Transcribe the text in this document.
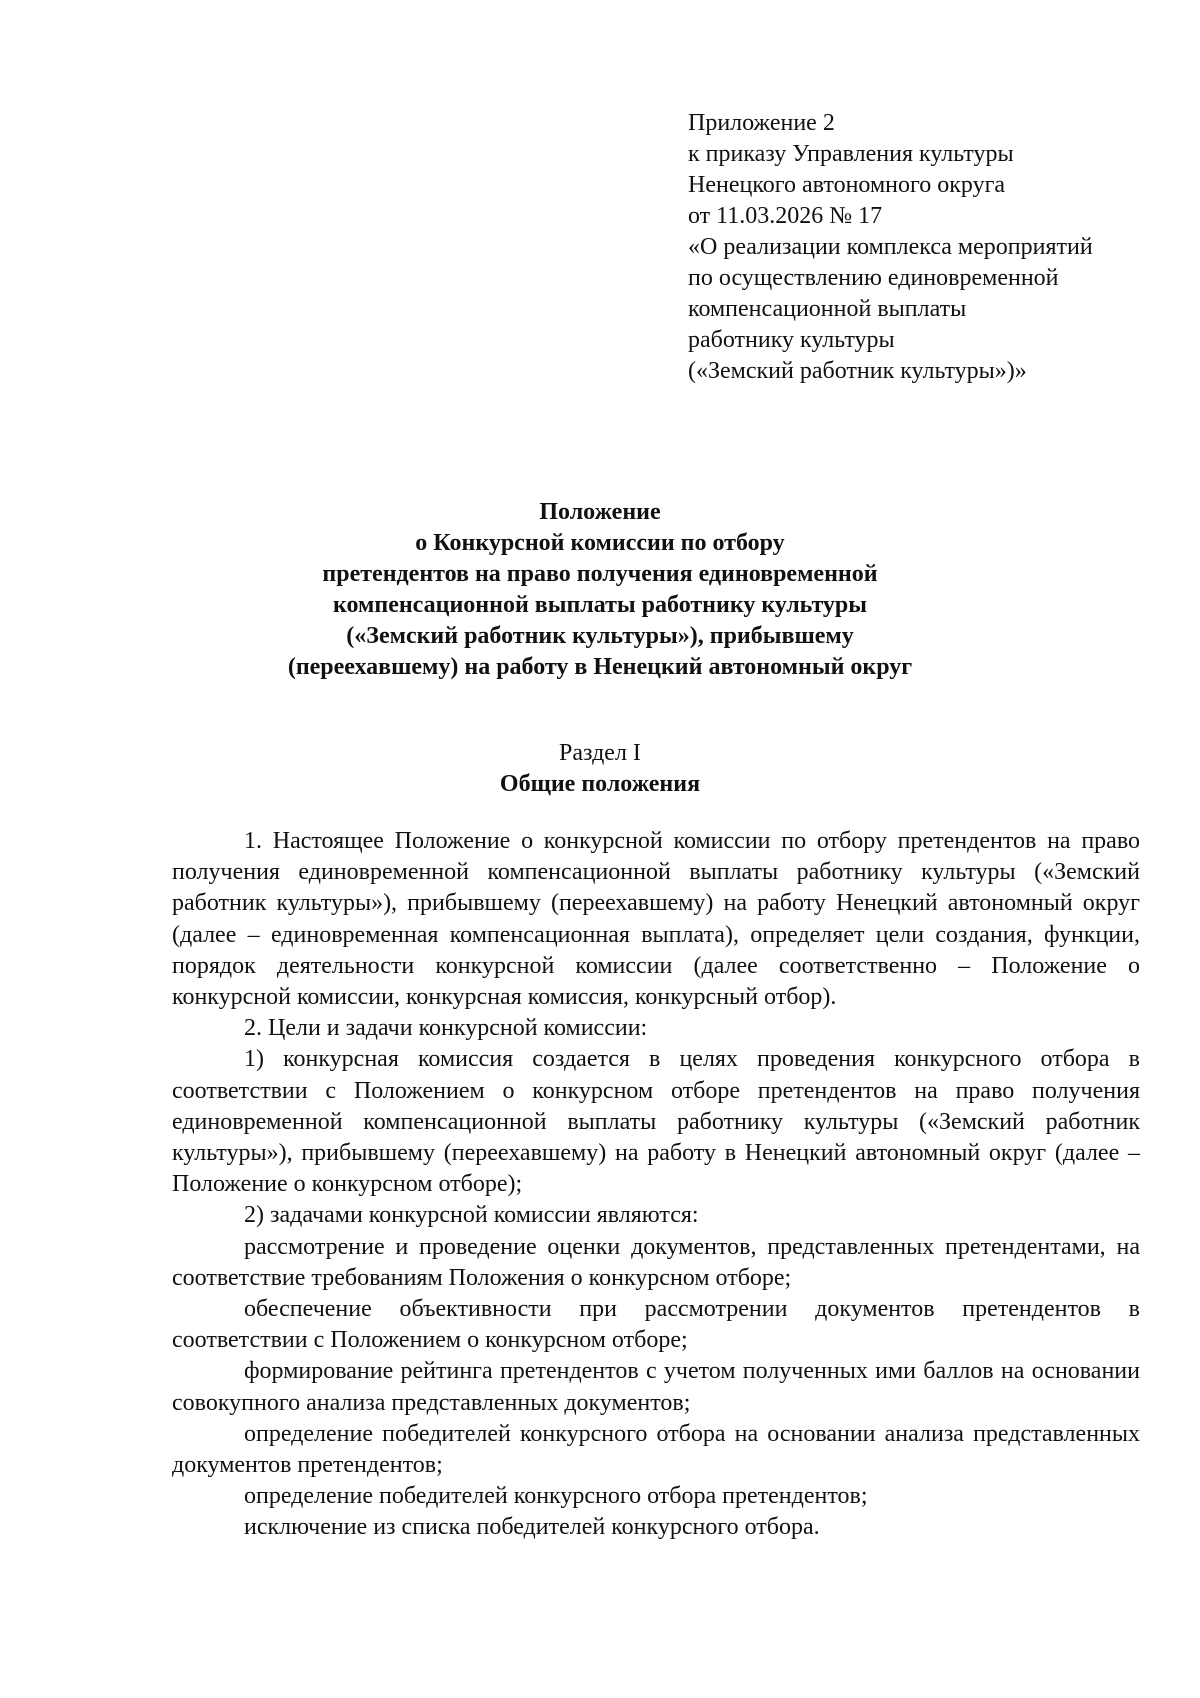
Приложение 2
к приказу Управления культуры
Ненецкого автономного округа
от 11.03.2026 № 17
«О реализации комплекса мероприятий
по осуществлению единовременной
компенсационной выплаты
работнику культуры
(«Земский работник культуры»)»
Положение
о Конкурсной комиссии по отбору
претендентов на право получения единовременной
компенсационной выплаты работнику культуры
(«Земский работник культуры»), прибывшему
(переехавшему) на работу в Ненецкий автономный округ
Раздел I
Общие положения

1. Настоящее Положение о конкурсной комиссии по отбору претендентов на право получения единовременной компенсационной выплаты работнику культуры («Земский работник культуры»), прибывшему (переехавшему) на работу Ненецкий автономный округ (далее – единовременная компенсационная выплата), определяет цели создания, функции, порядок деятельности конкурсной комиссии (далее соответственно – Положение о конкурсной комиссии, конкурсная комиссия, конкурсный отбор).

2. Цели и задачи конкурсной комиссии:

1) конкурсная комиссия создается в целях проведения конкурсного отбора в соответствии с Положением о конкурсном отборе претендентов на право получения единовременной компенсационной выплаты работнику культуры («Земский работник культуры»), прибывшему (переехавшему) на работу в Ненецкий автономный округ (далее – Положение о конкурсном отборе);

2) задачами конкурсной комиссии являются:

рассмотрение и проведение оценки документов, представленных претендентами, на соответствие требованиям Положения о конкурсном отборе;

обеспечение объективности при рассмотрении документов претендентов в соответствии с Положением о конкурсном отборе;

формирование рейтинга претендентов с учетом полученных ими баллов на основании совокупного анализа представленных документов;

определение победителей конкурсного отбора на основании анализа представленных документов претендентов;

определение победителей конкурсного отбора претендентов;

исключение из списка победителей конкурсного отбора.
